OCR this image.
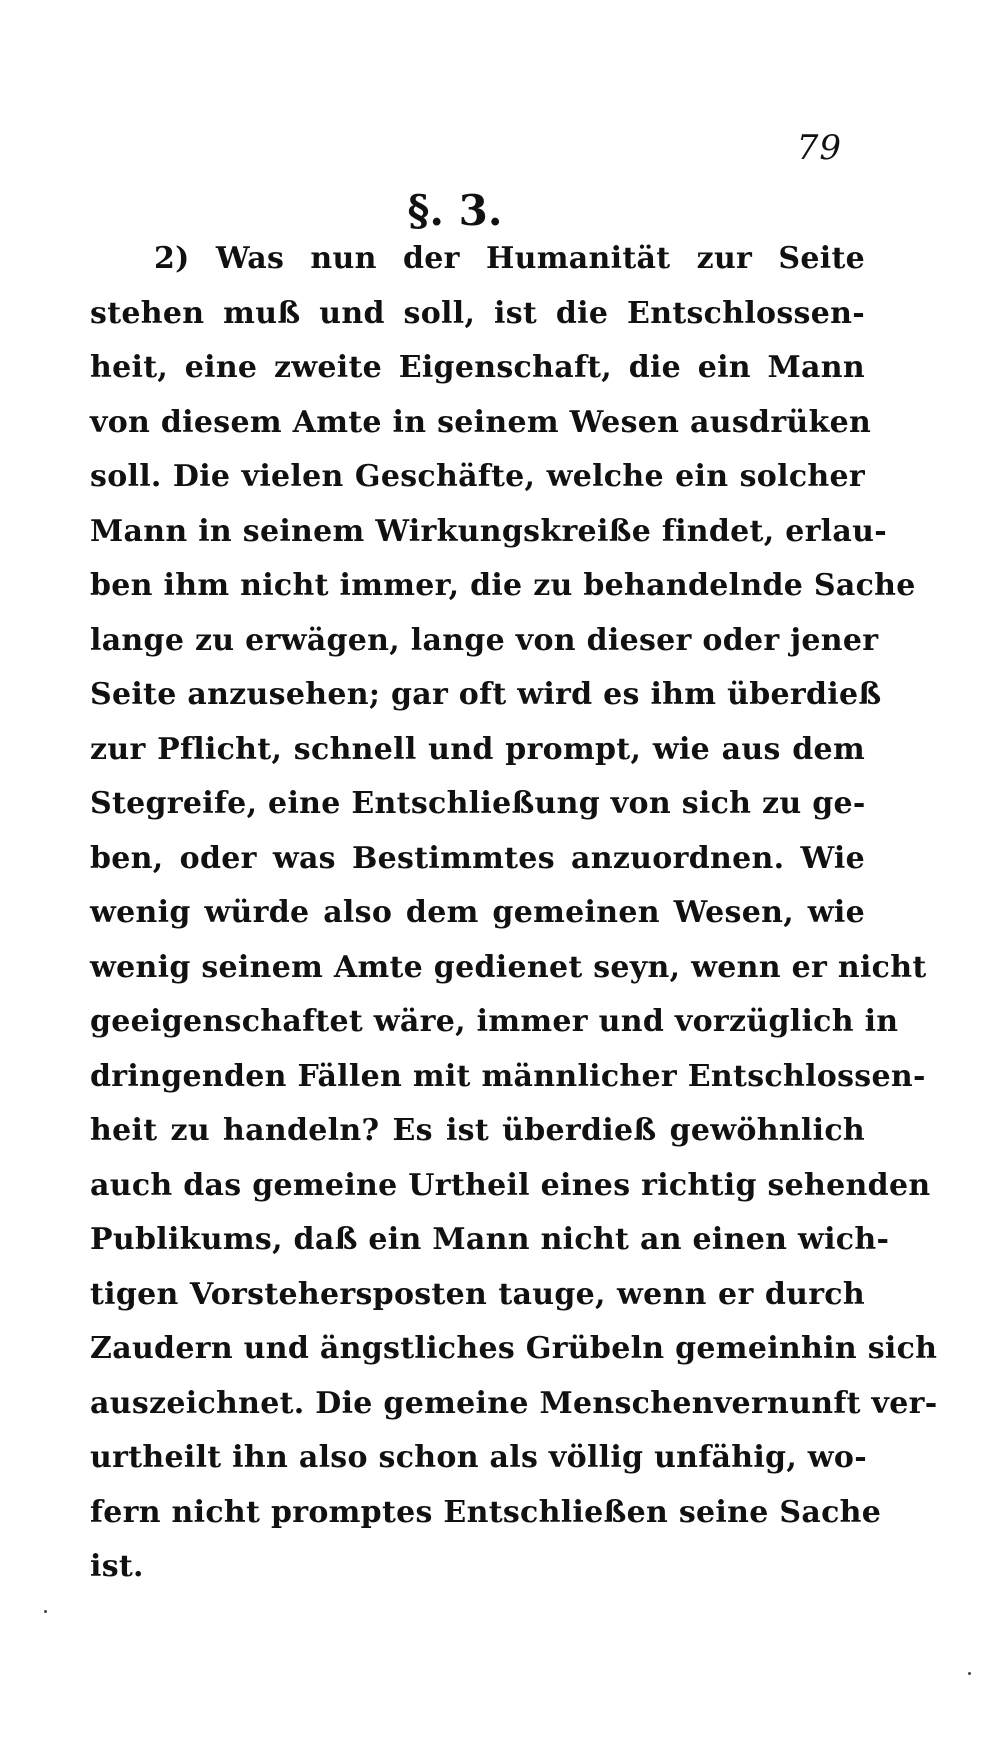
79
§. 3.
2) Was nun der Humanität zur Seite
stehen muß und soll, ist die Entschlossen-
heit, eine zweite Eigenschaft, die ein Mann
von diesem Amte in seinem Wesen ausdrüken
soll. Die vielen Geschäfte, welche ein solcher
Mann in seinem Wirkungskreiße findet, erlau-
ben ihm nicht immer, die zu behandelnde Sache
lange zu erwägen, lange von dieser oder jener
Seite anzusehen; gar oft wird es ihm überdieß
zur Pflicht, schnell und prompt, wie aus dem
Stegreife, eine Entschließung von sich zu ge-
ben, oder was Bestimmtes anzuordnen. Wie
wenig würde also dem gemeinen Wesen, wie
wenig seinem Amte gedienet seyn, wenn er nicht
geeigenschaftet wäre, immer und vorzüglich in
dringenden Fällen mit männlicher Entschlossen-
heit zu handeln? Es ist überdieß gewöhnlich
auch das gemeine Urtheil eines richtig sehenden
Publikums, daß ein Mann nicht an einen wich-
tigen Vorstehersposten tauge, wenn er durch
Zaudern und ängstliches Grübeln gemeinhin sich
auszeichnet. Die gemeine Menschenvernunft ver-
urtheilt ihn also schon als völlig unfähig, wo-
fern nicht promptes Entschließen seine Sache
ist.
